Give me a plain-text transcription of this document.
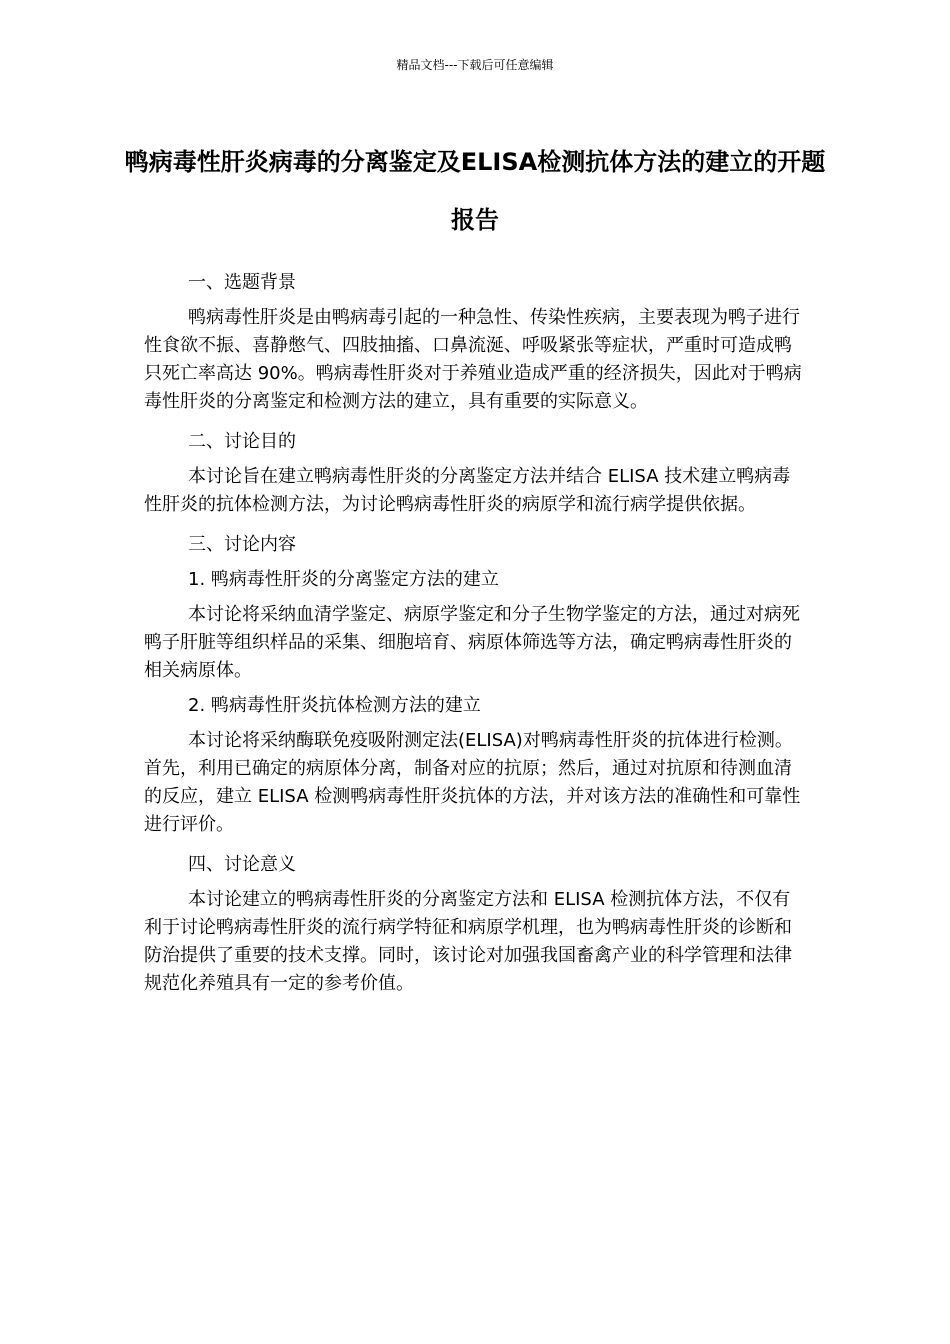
精品文档---下载后可任意编辑
鸭病毒性肝炎病毒的分离鉴定及ELISA检测抗体方法的建立的开题报告

一、选题背景

鸭病毒性肝炎是由鸭病毒引起的一种急性、传染性疾病，主要表现为鸭子进行性食欲不振、喜静憋气、四肢抽搐、口鼻流涎、呼吸紧张等症状，严重时可造成鸭只死亡率高达 90%。鸭病毒性肝炎对于养殖业造成严重的经济损失，因此对于鸭病毒性肝炎的分离鉴定和检测方法的建立，具有重要的实际意义。

二、讨论目的

本讨论旨在建立鸭病毒性肝炎的分离鉴定方法并结合 ELISA 技术建立鸭病毒性肝炎的抗体检测方法，为讨论鸭病毒性肝炎的病原学和流行病学提供依据。

三、讨论内容

1. 鸭病毒性肝炎的分离鉴定方法的建立

本讨论将采纳血清学鉴定、病原学鉴定和分子生物学鉴定的方法，通过对病死鸭子肝脏等组织样品的采集、细胞培育、病原体筛选等方法，确定鸭病毒性肝炎的相关病原体。

2. 鸭病毒性肝炎抗体检测方法的建立

本讨论将采纳酶联免疫吸附测定法(ELISA)对鸭病毒性肝炎的抗体进行检测。首先，利用已确定的病原体分离，制备对应的抗原；然后，通过对抗原和待测血清的反应，建立 ELISA 检测鸭病毒性肝炎抗体的方法，并对该方法的准确性和可靠性进行评价。

四、讨论意义

本讨论建立的鸭病毒性肝炎的分离鉴定方法和 ELISA 检测抗体方法，不仅有利于讨论鸭病毒性肝炎的流行病学特征和病原学机理，也为鸭病毒性肝炎的诊断和防治提供了重要的技术支撑。同时，该讨论对加强我国畜禽产业的科学管理和法律规范化养殖具有一定的参考价值。
